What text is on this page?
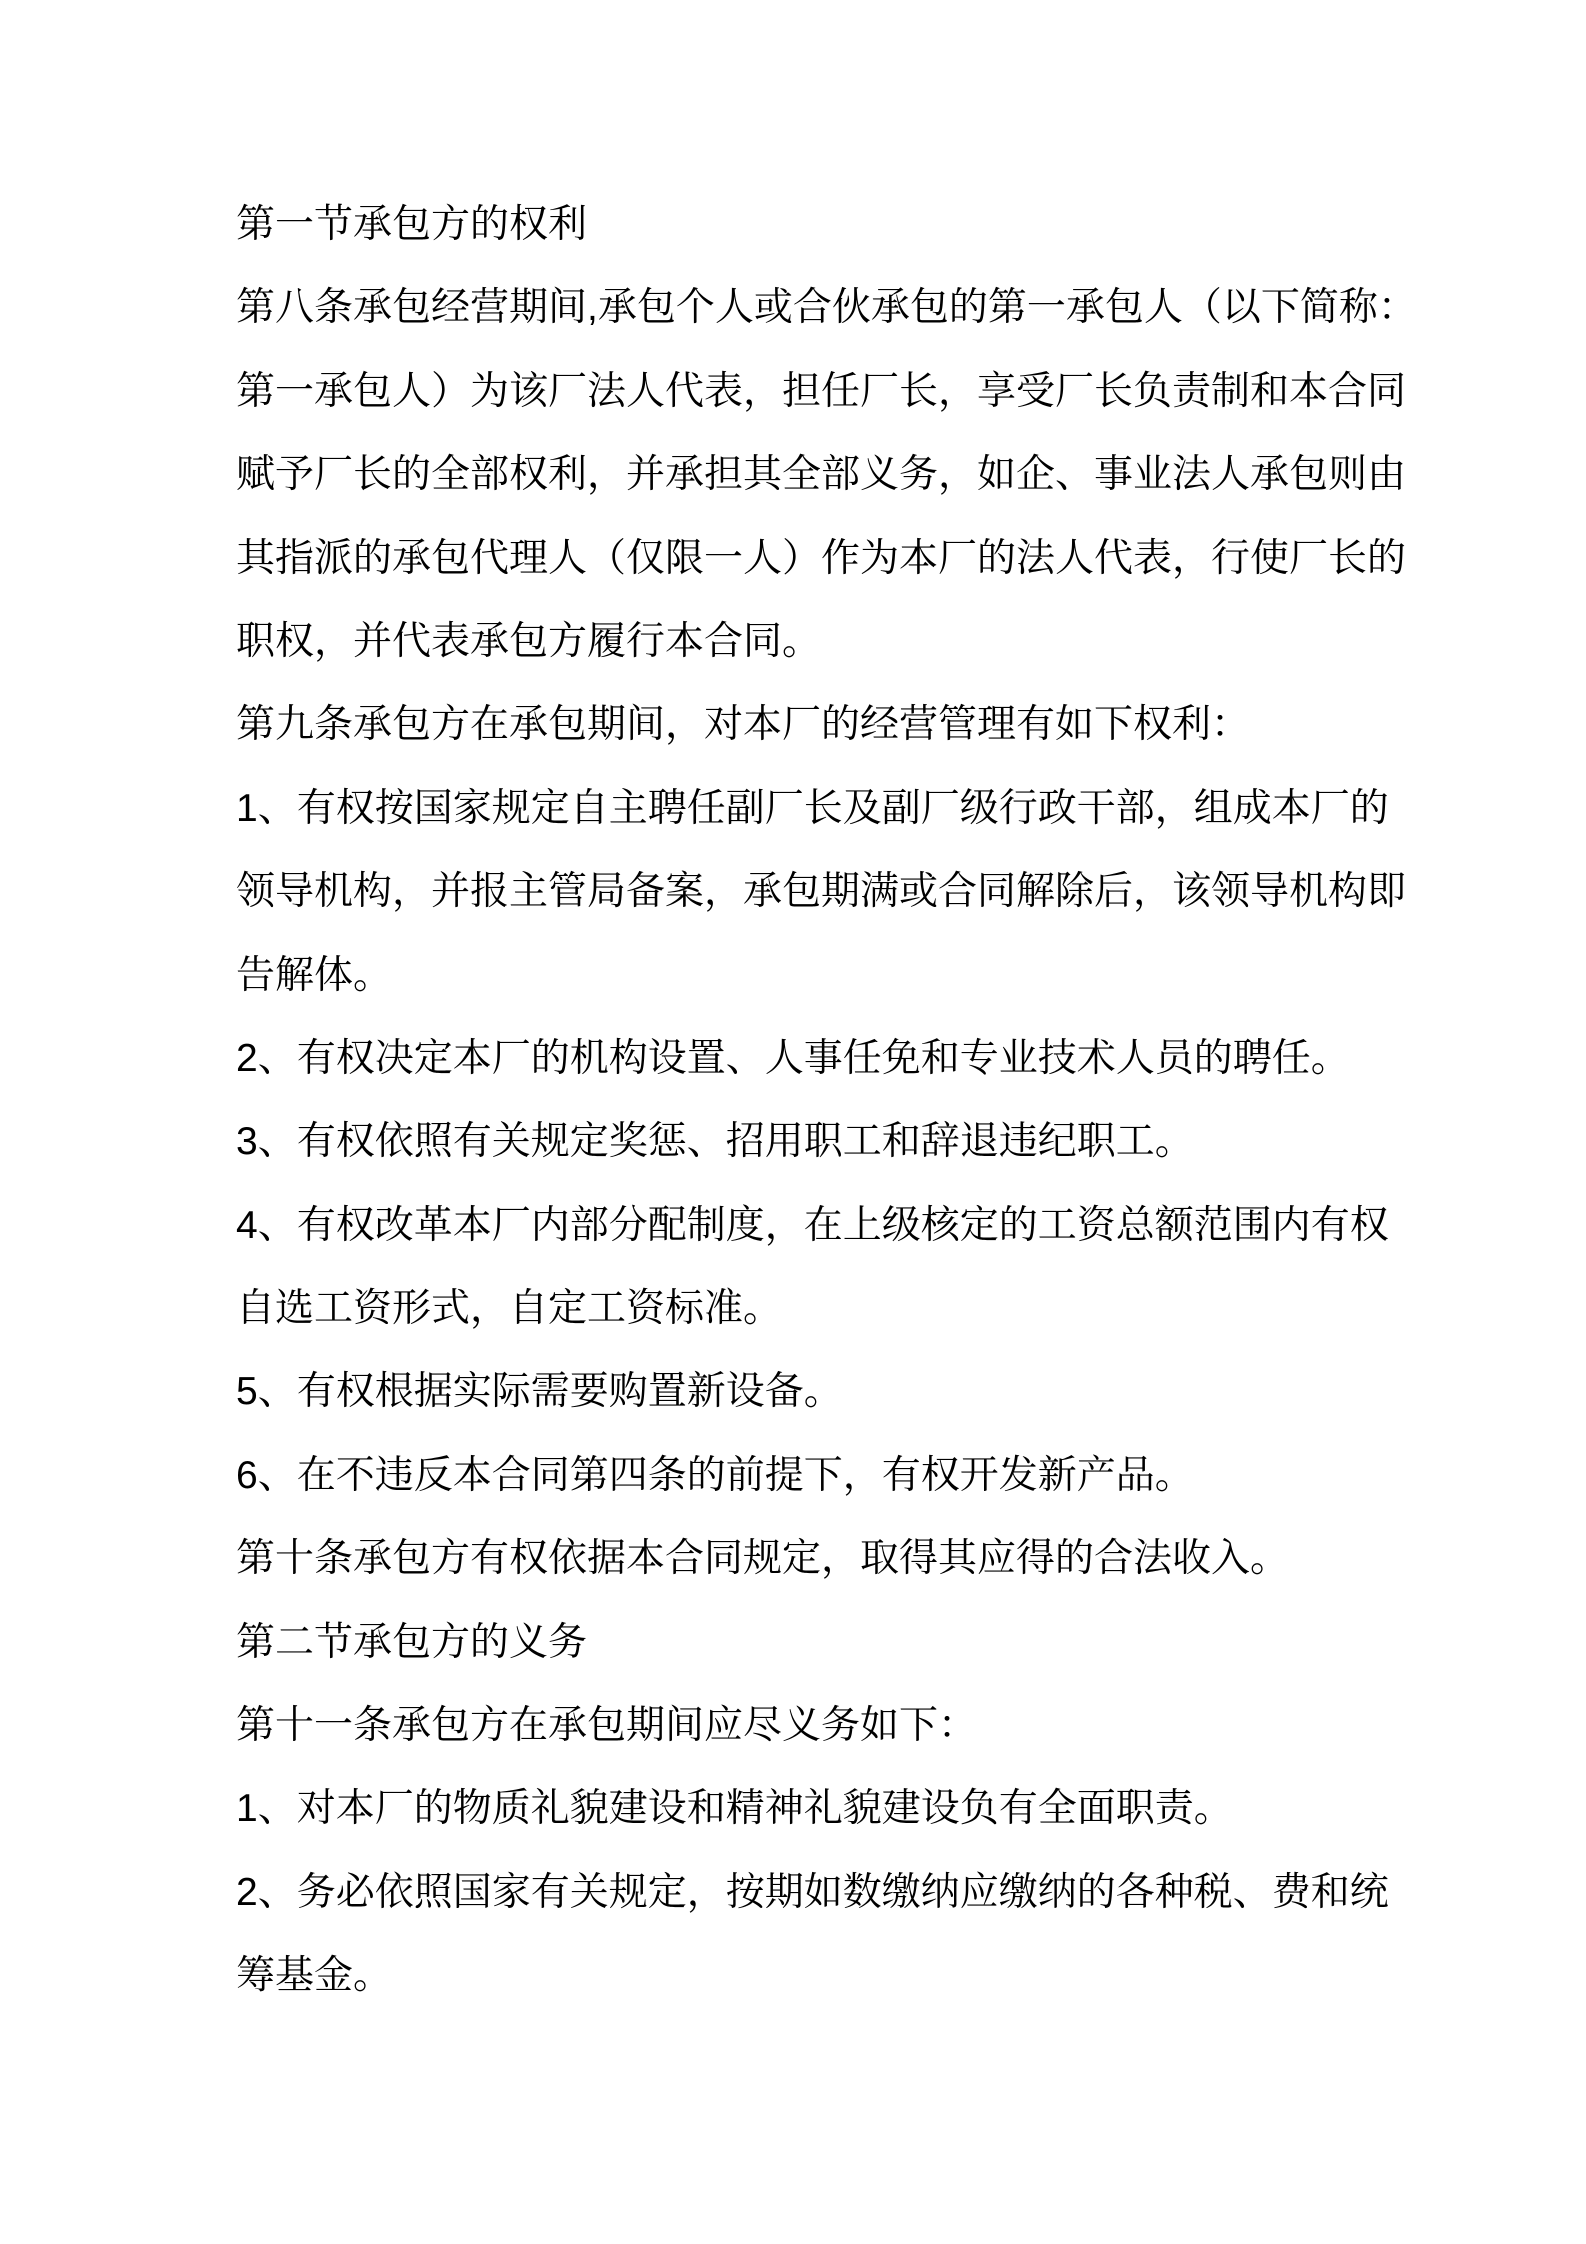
第一节承包方的权利
第八条承包经营期间,承包个人或合伙承包的第一承包人（以下简称：
第一承包人）为该厂法人代表，担任厂长，享受厂长负责制和本合同
赋予厂长的全部权利，并承担其全部义务，如企、事业法人承包则由
其指派的承包代理人（仅限一人）作为本厂的法人代表，行使厂长的
职权，并代表承包方履行本合同。
第九条承包方在承包期间，对本厂的经营管理有如下权利：
1、有权按国家规定自主聘任副厂长及副厂级行政干部，组成本厂的
领导机构，并报主管局备案，承包期满或合同解除后，该领导机构即
告解体。
2、有权决定本厂的机构设置、人事任免和专业技术人员的聘任。
3、有权依照有关规定奖惩、招用职工和辞退违纪职工。
4、有权改革本厂内部分配制度，在上级核定的工资总额范围内有权
自选工资形式，自定工资标准。
5、有权根据实际需要购置新设备。
6、在不违反本合同第四条的前提下，有权开发新产品。
第十条承包方有权依据本合同规定，取得其应得的合法收入。
第二节承包方的义务
第十一条承包方在承包期间应尽义务如下：
1、对本厂的物质礼貌建设和精神礼貌建设负有全面职责。
2、务必依照国家有关规定，按期如数缴纳应缴纳的各种税、费和统
筹基金。
